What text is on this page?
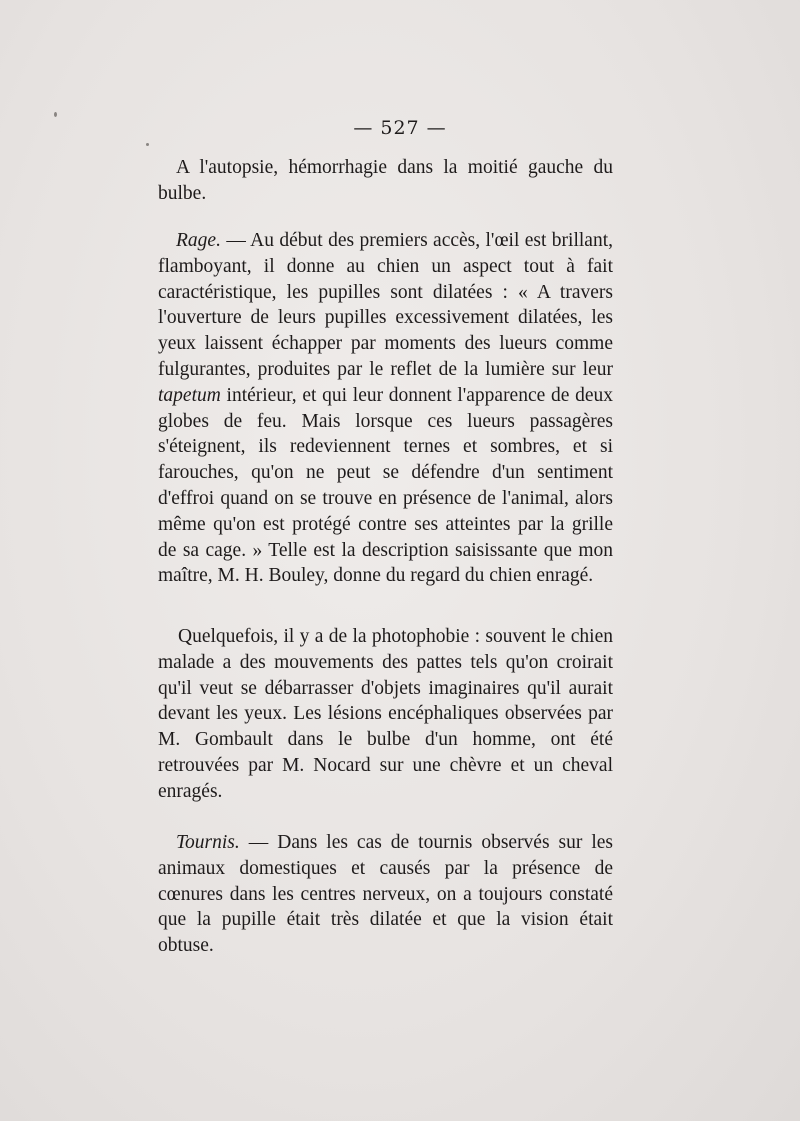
— 527 —

A l'autopsie, hémorrhagie dans la moitié gauche du bulbe.

Rage. — Au début des premiers accès, l'œil est brillant, flamboyant, il donne au chien un aspect tout à fait caractéristique, les pupilles sont dilatées : « A travers l'ouverture de leurs pupilles excessivement dilatées, les yeux laissent échapper par moments des lueurs comme fulgurantes, produites par le reflet de la lumière sur leur tapetum intérieur, et qui leur donnent l'apparence de deux globes de feu. Mais lorsque ces lueurs passagères s'éteignent, ils redeviennent ternes et sombres, et si farouches, qu'on ne peut se défendre d'un sentiment d'effroi quand on se trouve en présence de l'animal, alors même qu'on est protégé contre ses atteintes par la grille de sa cage. » Telle est la description saisissante que mon maître, M. H. Bouley, donne du regard du chien enragé.

Quelquefois, il y a de la photophobie : souvent le chien malade a des mouvements des pattes tels qu'on croirait qu'il veut se débarrasser d'objets imaginaires qu'il aurait devant les yeux. Les lésions encéphaliques observées par M. Gombault dans le bulbe d'un homme, ont été retrouvées par M. Nocard sur une chèvre et un cheval enragés.

Tournis. — Dans les cas de tournis observés sur les animaux domestiques et causés par la présence de cœnures dans les centres nerveux, on a toujours constaté que la pupille était très dilatée et que la vision était obtuse.
